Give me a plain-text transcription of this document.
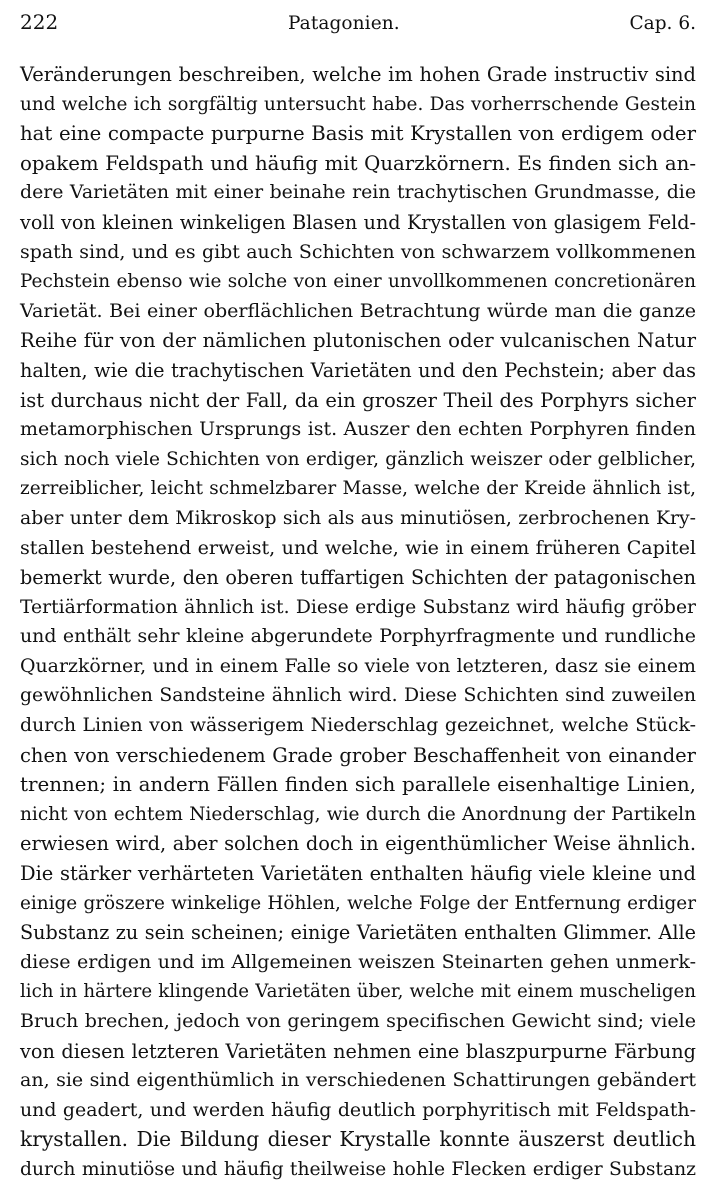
222	Patagonien.	Cap. 6.
Veränderungen beschreiben, welche im hohen Grade instructiv sind
und welche ich sorgfältig untersucht habe. Das vorherrschende Gestein
hat eine compacte purpurne Basis mit Krystallen von erdigem oder
opakem Feldspath und häufig mit Quarzkörnern. Es finden sich an-
dere Varietäten mit einer beinahe rein trachytischen Grundmasse, die
voll von kleinen winkeligen Blasen und Krystallen von glasigem Feld-
spath sind, und es gibt auch Schichten von schwarzem vollkommenen
Pechstein ebenso wie solche von einer unvollkommenen concretionären
Varietät. Bei einer oberflächlichen Betrachtung würde man die ganze
Reihe für von der nämlichen plutonischen oder vulcanischen Natur
halten, wie die trachytischen Varietäten und den Pechstein; aber das
ist durchaus nicht der Fall, da ein groszer Theil des Porphyrs sicher
metamorphischen Ursprungs ist. Auszer den echten Porphyren finden
sich noch viele Schichten von erdiger, gänzlich weiszer oder gelblicher,
zerreiblicher, leicht schmelzbarer Masse, welche der Kreide ähnlich ist,
aber unter dem Mikroskop sich als aus minutiösen, zerbrochenen Kry-
stallen bestehend erweist, und welche, wie in einem früheren Capitel
bemerkt wurde, den oberen tuffartigen Schichten der patagonischen
Tertiärformation ähnlich ist. Diese erdige Substanz wird häufig gröber
und enthält sehr kleine abgerundete Porphyrfragmente und rundliche
Quarzkörner, und in einem Falle so viele von letzteren, dasz sie einem
gewöhnlichen Sandsteine ähnlich wird. Diese Schichten sind zuweilen
durch Linien von wässerigem Niederschlag gezeichnet, welche Stück-
chen von verschiedenem Grade grober Beschaffenheit von einander
trennen; in andern Fällen finden sich parallele eisenhaltige Linien,
nicht von echtem Niederschlag, wie durch die Anordnung der Partikeln
erwiesen wird, aber solchen doch in eigenthümlicher Weise ähnlich.
Die stärker verhärteten Varietäten enthalten häufig viele kleine und
einige gröszere winkelige Höhlen, welche Folge der Entfernung erdiger
Substanz zu sein scheinen; einige Varietäten enthalten Glimmer. Alle
diese erdigen und im Allgemeinen weiszen Steinarten gehen unmerk-
lich in härtere klingende Varietäten über, welche mit einem muscheligen
Bruch brechen, jedoch von geringem specifischen Gewicht sind; viele
von diesen letzteren Varietäten nehmen eine blaszpurpurne Färbung
an, sie sind eigenthümlich in verschiedenen Schattirungen gebändert
und geadert, und werden häufig deutlich porphyritisch mit Feldspath-
krystallen. Die Bildung dieser Krystalle konnte äuszerst deutlich
durch minutiöse und häufig theilweise hohle Flecken erdiger Substanz
